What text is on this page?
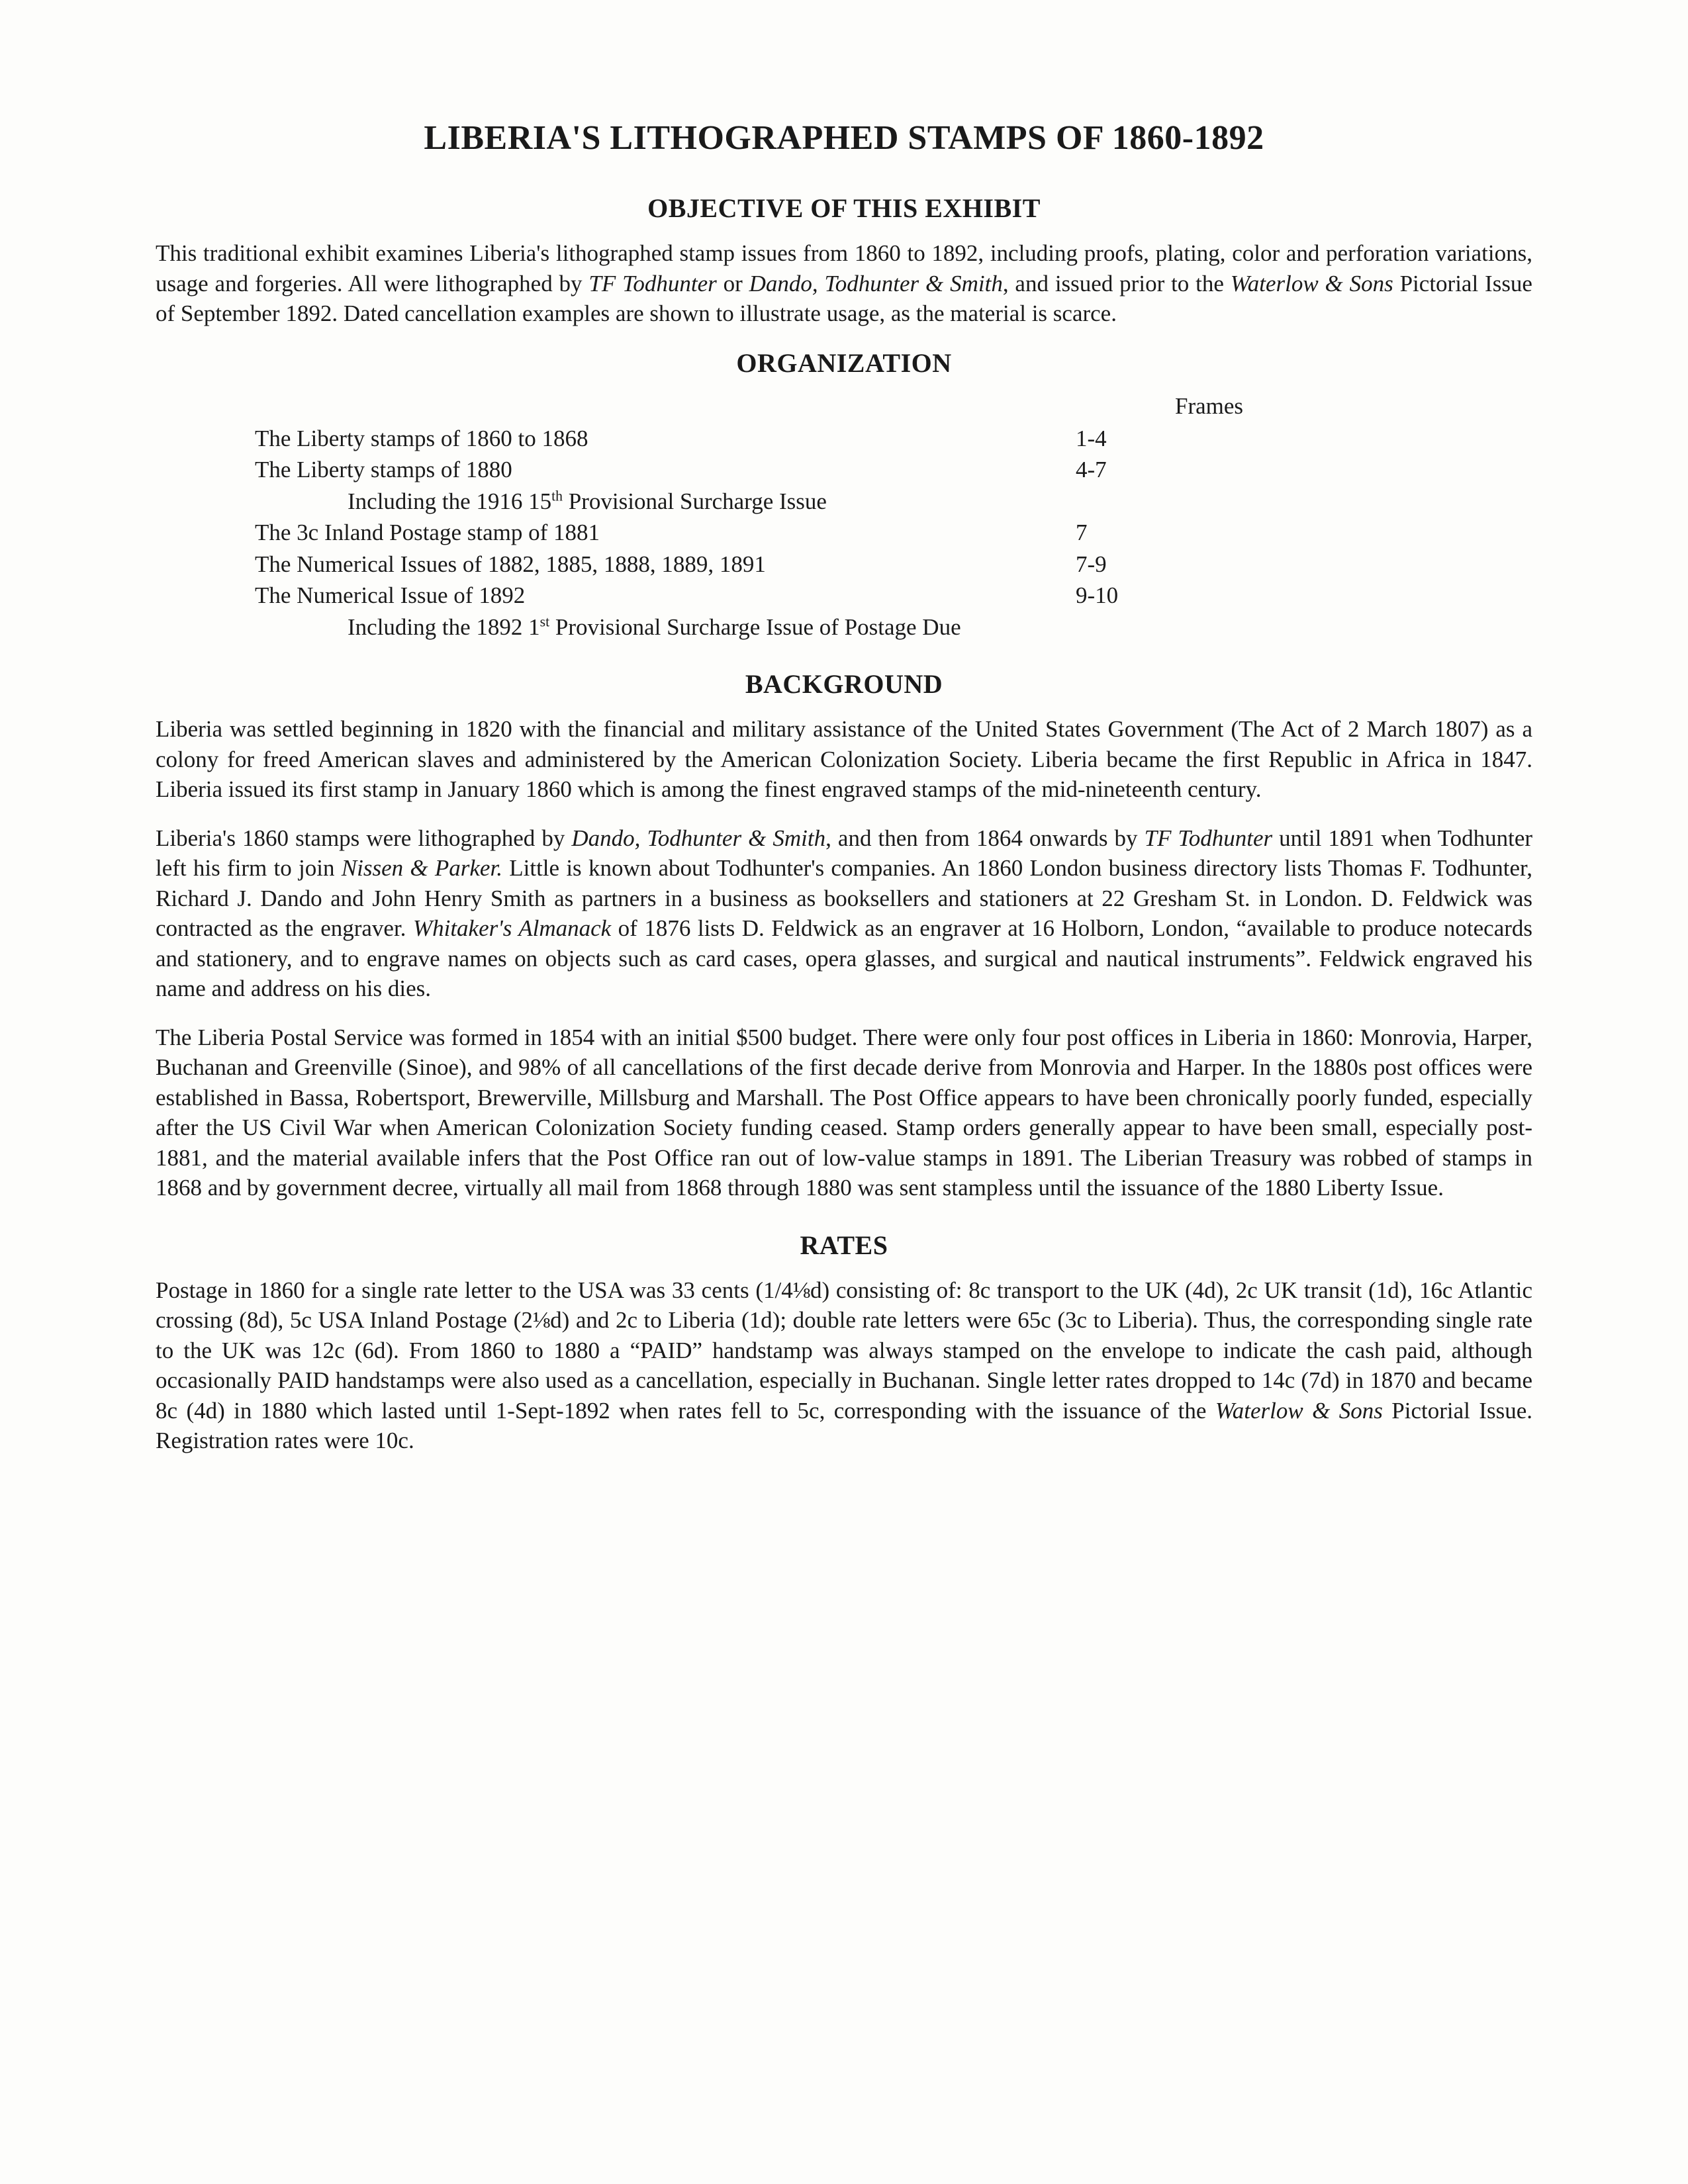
LIBERIA'S LITHOGRAPHED STAMPS OF 1860-1892
OBJECTIVE OF THIS EXHIBIT

This traditional exhibit examines Liberia's lithographed stamp issues from 1860 to 1892, including proofs, plating, color and perforation variations, usage and forgeries. All were lithographed by TF Todhunter or Dando, Todhunter & Smith, and issued prior to the Waterlow & Sons Pictorial Issue of September 1892. Dated cancellation examples are shown to illustrate usage, as the material is scarce.

ORGANIZATION
Frames
The Liberty stamps of 1860 to 1868	1-4
The Liberty stamps of 1880	4-7
Including the 1916 15th Provisional Surcharge Issue
The 3c Inland Postage stamp of 1881	7
The Numerical Issues of 1882, 1885, 1888, 1889, 1891	7-9
The Numerical Issue of 1892	9-10
Including the 1892 1st Provisional Surcharge Issue of Postage Due
BACKGROUND

Liberia was settled beginning in 1820 with the financial and military assistance of the United States Government (The Act of 2 March 1807) as a colony for freed American slaves and administered by the American Colonization Society. Liberia became the first Republic in Africa in 1847. Liberia issued its first stamp in January 1860 which is among the finest engraved stamps of the mid-nineteenth century.

Liberia's 1860 stamps were lithographed by Dando, Todhunter & Smith, and then from 1864 onwards by TF Todhunter until 1891 when Todhunter left his firm to join Nissen & Parker. Little is known about Todhunter's companies. An 1860 London business directory lists Thomas F. Todhunter, Richard J. Dando and John Henry Smith as partners in a business as booksellers and stationers at 22 Gresham St. in London. D. Feldwick was contracted as the engraver. Whitaker's Almanack of 1876 lists D. Feldwick as an engraver at 16 Holborn, London, “available to produce notecards and stationery, and to engrave names on objects such as card cases, opera glasses, and surgical and nautical instruments”. Feldwick engraved his name and address on his dies.

The Liberia Postal Service was formed in 1854 with an initial $500 budget. There were only four post offices in Liberia in 1860: Monrovia, Harper, Buchanan and Greenville (Sinoe), and 98% of all cancellations of the first decade derive from Monrovia and Harper. In the 1880s post offices were established in Bassa, Robertsport, Brewerville, Millsburg and Marshall. The Post Office appears to have been chronically poorly funded, especially after the US Civil War when American Colonization Society funding ceased. Stamp orders generally appear to have been small, especially post-1881, and the material available infers that the Post Office ran out of low-value stamps in 1891. The Liberian Treasury was robbed of stamps in 1868 and by government decree, virtually all mail from 1868 through 1880 was sent stampless until the issuance of the 1880 Liberty Issue.

RATES

Postage in 1860 for a single rate letter to the USA was 33 cents (1/4⅛d) consisting of: 8c transport to the UK (4d), 2c UK transit (1d), 16c Atlantic crossing (8d), 5c USA Inland Postage (2⅛d) and 2c to Liberia (1d); double rate letters were 65c (3c to Liberia). Thus, the corresponding single rate to the UK was 12c (6d). From 1860 to 1880 a “PAID” handstamp was always stamped on the envelope to indicate the cash paid, although occasionally PAID handstamps were also used as a cancellation, especially in Buchanan. Single letter rates dropped to 14c (7d) in 1870 and became 8c (4d) in 1880 which lasted until 1-Sept-1892 when rates fell to 5c, corresponding with the issuance of the Waterlow & Sons Pictorial Issue. Registration rates were 10c.
